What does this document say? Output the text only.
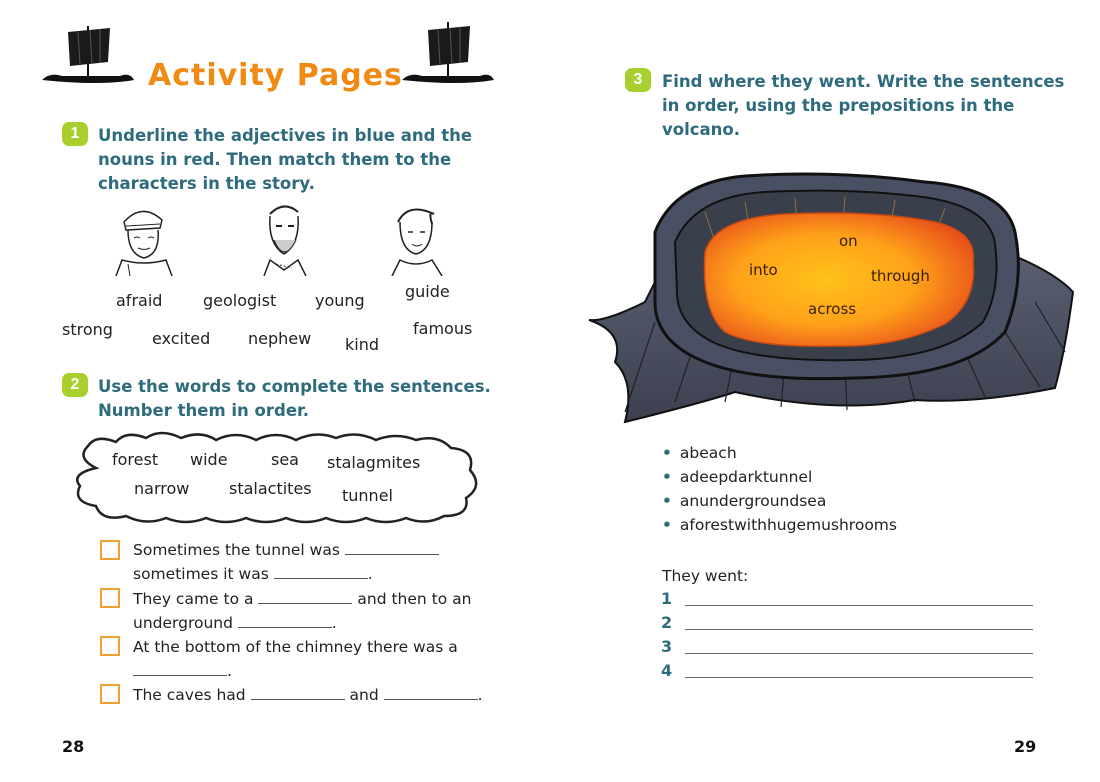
Activity Pages
1	Underline the adjectives in blue and the
nouns in red. Then match them to the
characters in the story.
afraid	geologist young	guide
strong excited nephew kind
famous
2	Use the words to complete the sentences.
Number them in order.
forest wide	sea stalagmites
narrow stalactites tunnel
Sometimes the tunnel was
sometimes it was	.
They came to a	and then to an
underground	.
At the bottom of the chimney there was a
.
The caves had	and	.
28
3	Find where they went. Write the sentences
in order, using the prepositions in the
volcano.
on
into	through
across
• abeach
• adeepdarktunnel
• anundergroundsea
• aforestwithhugemushrooms
They went:
1
2
3
4
29
